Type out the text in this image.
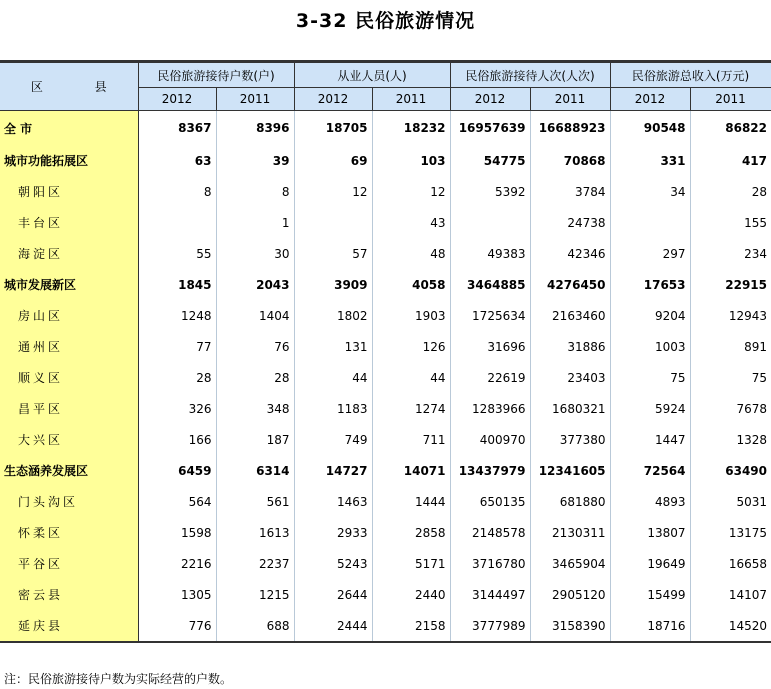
3-32 民俗旅游情况
区 县	民俗旅游接待户数(户)		从业人员(人)		民俗旅游接待人次(人次)		民俗旅游总收入(万元)	
	2012	2011	2012	2011	2012	2011	2012	2011
全 市	8367	8396	18705	18232	16957639	16688923	90548	86822
城市功能拓展区	63	39	69	103	54775	70868	331	417
朝阳区	8	8	12	12	5392	3784	34	28
丰台区		1		43		24738		155
海淀区	55	30	57	48	49383	42346	297	234
城市发展新区	1845	2043	3909	4058	3464885	4276450	17653	22915
房山区	1248	1404	1802	1903	1725634	2163460	9204	12943
通州区	77	76	131	126	31696	31886	1003	891
顺义区	28	28	44	44	22619	23403	75	75
昌平区	326	348	1183	1274	1283966	1680321	5924	7678
大兴区	166	187	749	711	400970	377380	1447	1328
生态涵养发展区	6459	6314	14727	14071	13437979	12341605	72564	63490
门头沟区	564	561	1463	1444	650135	681880	4893	5031
怀柔区	1598	1613	2933	2858	2148578	2130311	13807	13175
平谷区	2216	2237	5243	5171	3716780	3465904	19649	16658
密云县	1305	1215	2644	2440	3144497	2905120	15499	14107
延庆县	776	688	2444	2158	3777989	3158390	18716	14520
注：民俗旅游接待户数为实际经营的户数。
